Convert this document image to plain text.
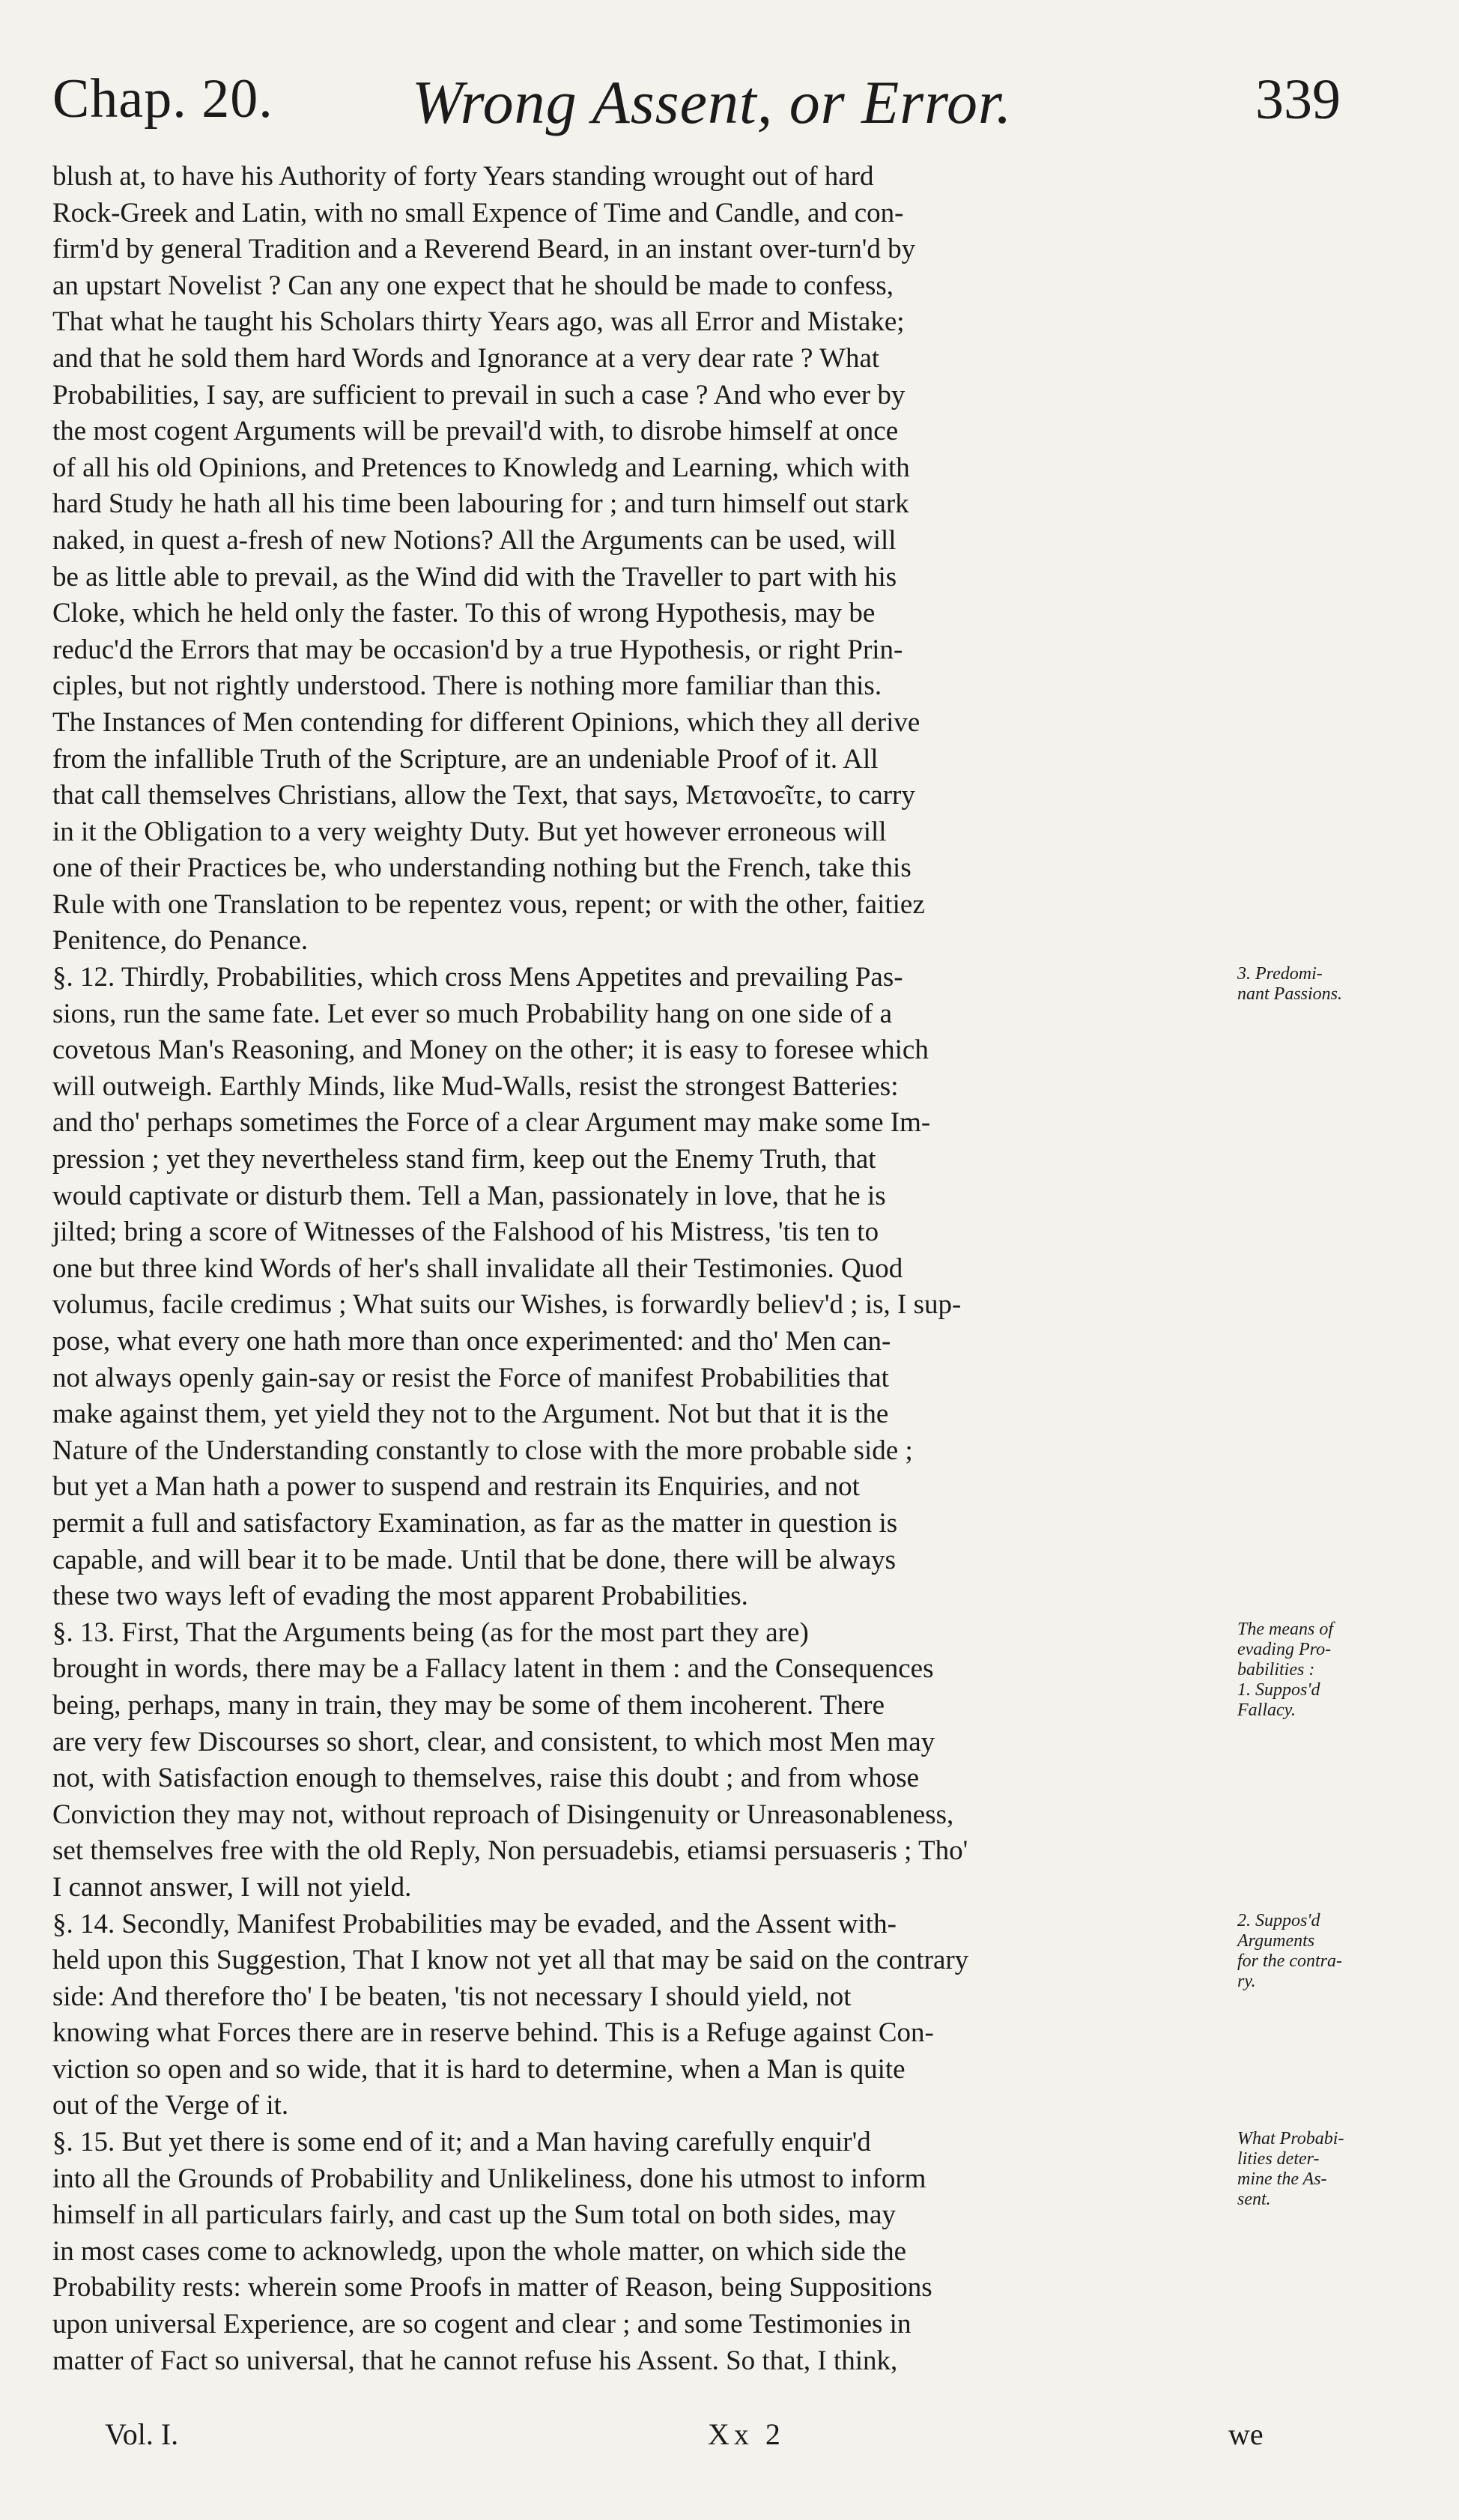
Chap. 20. Wrong Assent, or Error.	339
blush at, to have his Authority of forty Years standing wrought out of hard
Rock-Greek and Latin, with no small Expence of Time and Candle, and con-
firm'd by general Tradition and a Reverend Beard, in an instant over-turn'd by
an upstart Novelist ? Can any one expect that he should be made to confess,
That what he taught his Scholars thirty Years ago, was all Error and Mistake;
and that he sold them hard Words and Ignorance at a very dear rate ? What
Probabilities, I say, are sufficient to prevail in such a case ? And who ever by
the most cogent Arguments will be prevail'd with, to disrobe himself at once
of all his old Opinions, and Pretences to Knowledg and Learning, which with
hard Study he hath all his time been labouring for ; and turn himself out stark
naked, in quest a-fresh of new Notions? All the Arguments can be used, will
be as little able to prevail, as the Wind did with the Traveller to part with his
Cloke, which he held only the faster. To this of wrong Hypothesis, may be
reduc'd the Errors that may be occasion'd by a true Hypothesis, or right Prin-
ciples, but not rightly understood. There is nothing more familiar than this.
The Instances of Men contending for different Opinions, which they all derive
from the infallible Truth of the Scripture, are an undeniable Proof of it. All
that call themselves Christians, allow the Text, that says, Μετανοεῖτε, to carry
in it the Obligation to a very weighty Duty. But yet however erroneous will
one of their Practices be, who understanding nothing but the French, take this
Rule with one Translation to be repentez vous, repent; or with the other, faitiez
Penitence, do Penance.
§. 12. Thirdly, Probabilities, which cross Mens Appetites and prevailing Pas-
sions, run the same fate. Let ever so much Probability hang on one side of a
covetous Man's Reasoning, and Money on the other; it is easy to foresee which
will outweigh. Earthly Minds, like Mud-Walls, resist the strongest Batteries:
and tho' perhaps sometimes the Force of a clear Argument may make some Im-
pression ; yet they nevertheless stand firm, keep out the Enemy Truth, that
would captivate or disturb them. Tell a Man, passionately in love, that he is
jilted; bring a score of Witnesses of the Falshood of his Mistress, 'tis ten to
one but three kind Words of her's shall invalidate all their Testimonies. Quod
volumus, facile credimus ; What suits our Wishes, is forwardly believ'd ; is, I sup-
pose, what every one hath more than once experimented: and tho' Men can-
not always openly gain-say or resist the Force of manifest Probabilities that
make against them, yet yield they not to the Argument. Not but that it is the
Nature of the Understanding constantly to close with the more probable side ;
but yet a Man hath a power to suspend and restrain its Enquiries, and not
permit a full and satisfactory Examination, as far as the matter in question is
capable, and will bear it to be made. Until that be done, there will be always
these two ways left of evading the most apparent Probabilities.
§. 13. First, That the Arguments being (as for the most part they are)
brought in words, there may be a Fallacy latent in them : and the Consequences
being, perhaps, many in train, they may be some of them incoherent. There
are very few Discourses so short, clear, and consistent, to which most Men may
not, with Satisfaction enough to themselves, raise this doubt ; and from whose
Conviction they may not, without reproach of Disingenuity or Unreasonableness,
set themselves free with the old Reply, Non persuadebis, etiamsi persuaseris ; Tho'
I cannot answer, I will not yield.
§. 14. Secondly, Manifest Probabilities may be evaded, and the Assent with-
held upon this Suggestion, That I know not yet all that may be said on the contrary
side: And therefore tho' I be beaten, 'tis not necessary I should yield, not
knowing what Forces there are in reserve behind. This is a Refuge against Con-
viction so open and so wide, that it is hard to determine, when a Man is quite
out of the Verge of it.
§. 15. But yet there is some end of it; and a Man having carefully enquir'd
into all the Grounds of Probability and Unlikeliness, done his utmost to inform
himself in all particulars fairly, and cast up the Sum total on both sides, may
in most cases come to acknowledg, upon the whole matter, on which side the
Probability rests: wherein some Proofs in matter of Reason, being Suppositions
upon universal Experience, are so cogent and clear ; and some Testimonies in
matter of Fact so universal, that he cannot refuse his Assent. So that, I think,
3. Predomi-
nant Passions.
The means of
evading Pro-
babilities :
1. Suppos'd
Fallacy.
2. Suppos'd
Arguments
for the contra-
ry.
What Probabi-
lities deter-
mine the As-
sent.
Vol. I.	Xx 2	we
